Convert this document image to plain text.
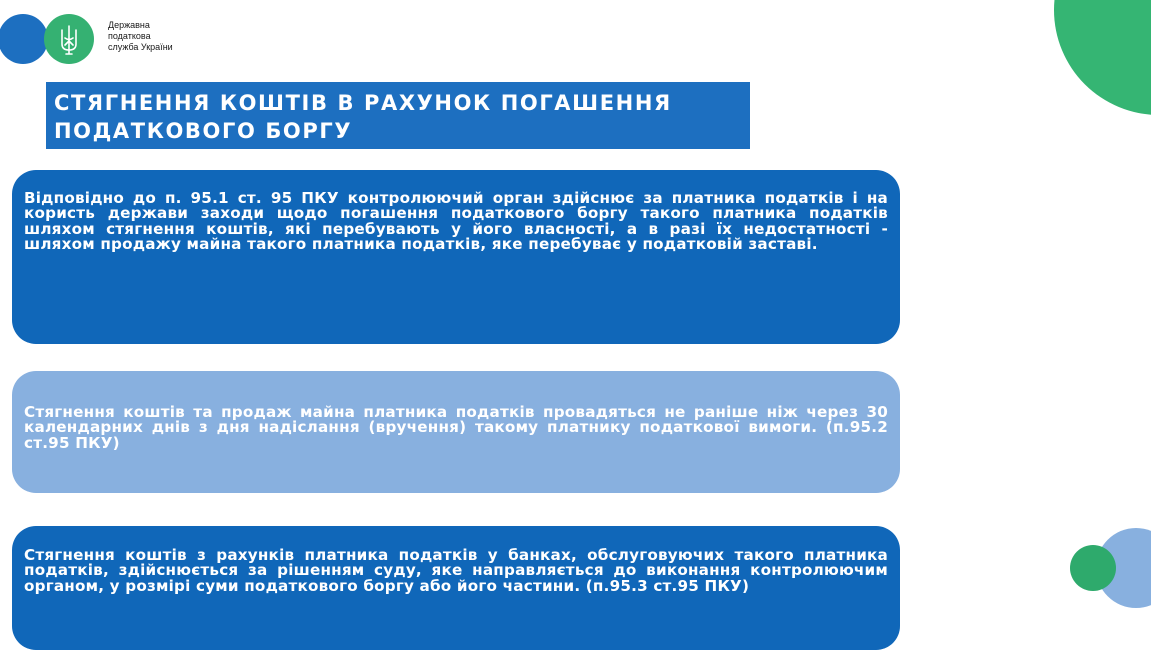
Державна
податкова
служба України

СТЯГНЕННЯ КОШТІВ В РАХУНОК ПОГАШЕННЯ
ПОДАТКОВОГО БОРГУ

Відповідно до п. 95.1 ст. 95 ПКУ контролюючий орган здійснює за платника податків і на користь держави заходи щодо погашення податкового боргу такого платника податків шляхом стягнення коштів, які перебувають у його власності, а в разі їх недостатності - шляхом продажу майна такого платника податків, яке перебуває у податковій заставі.

Стягнення коштів та продаж майна платника податків провадяться не раніше ніж через 30 календарних днів з дня надіслання (вручення) такому платнику податкової вимоги. (п.95.2 ст.95 ПКУ)

Стягнення коштів з рахунків платника податків у банках, обслуговуючих такого платника податків, здійснюється за рішенням суду, яке направляється до виконання контролюючим органом, у розмірі суми податкового боргу або його частини. (п.95.3 ст.95 ПКУ)
